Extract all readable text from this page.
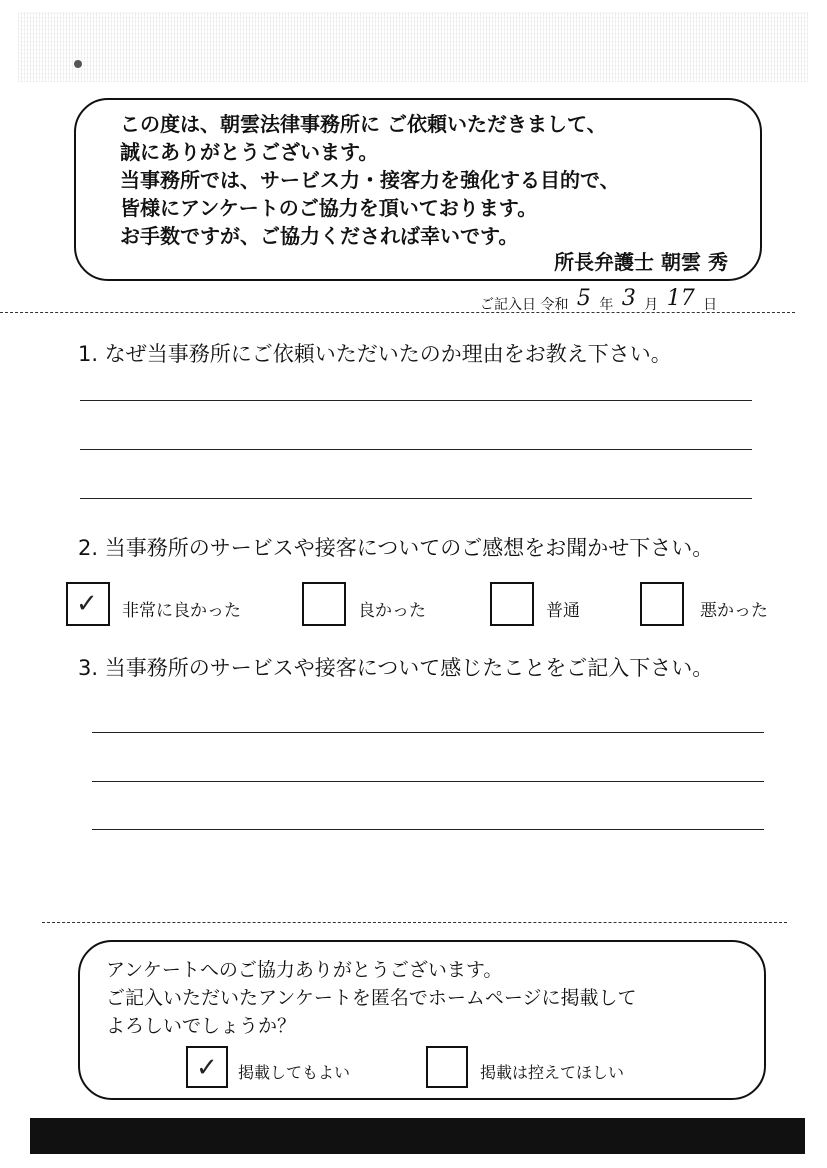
この度は、朝雲法律事務所に ご依頼いただきまして、
誠にありがとうございます。
当事務所では、サービス力・接客力を強化する目的で、
皆様にアンケートのご協力を頂いております。
お手数ですが、ご協力くだされば幸いです。
所長弁護士 朝雲 秀
ご記入日 令和 5 年 3 月 17 日
1. なぜ当事務所にご依頼いただいたのか理由をお教え下さい。
2. 当事務所のサービスや接客についてのご感想をお聞かせ下さい。
✓ 非常に良かった	良かった	普通	悪かった
3. 当事務所のサービスや接客について感じたことをご記入下さい。
アンケートへのご協力ありがとうございます。
ご記入いただいたアンケートを匿名でホームページに掲載して
よろしいでしょうか？
✓ 掲載してもよい	掲載は控えてほしい
